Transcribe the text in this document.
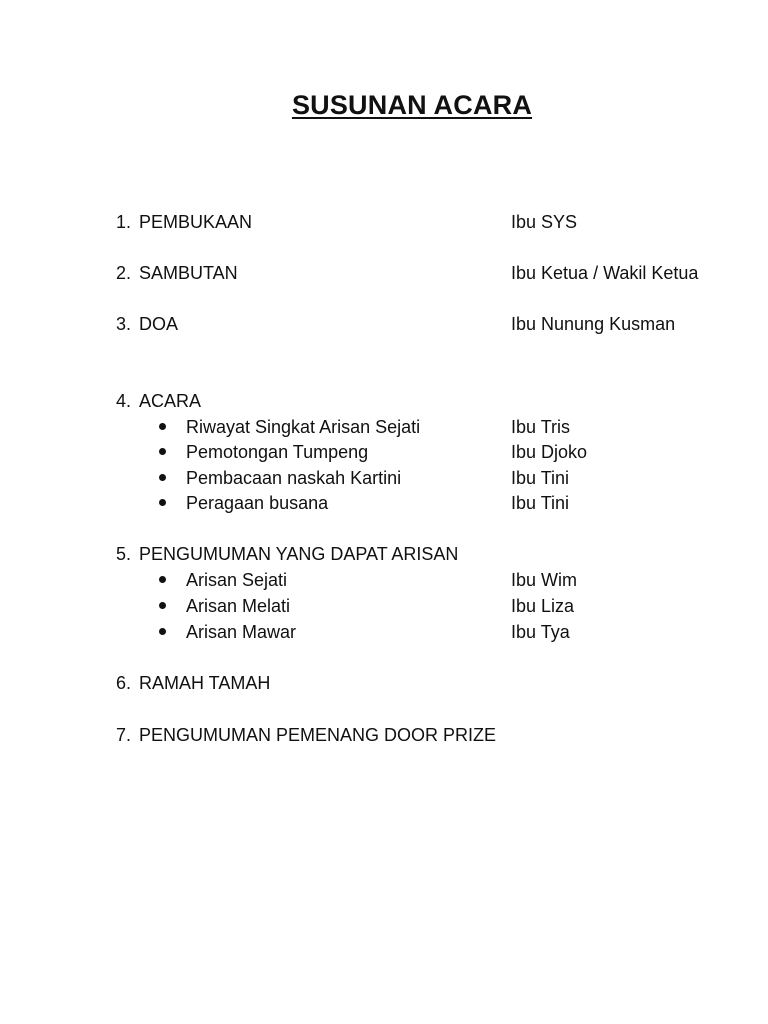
SUSUNAN ACARA
1. PEMBUKAAN	Ibu SYS
2. SAMBUTAN	Ibu Ketua / Wakil Ketua
3. DOA	Ibu Nunung Kusman
4. ACARA
Riwayat Singkat Arisan Sejati	Ibu Tris
Pemotongan Tumpeng	Ibu Djoko
Pembacaan naskah Kartini	Ibu Tini
Peragaan busana	Ibu Tini
5. PENGUMUMAN YANG DAPAT ARISAN
Arisan Sejati	Ibu Wim
Arisan Melati	Ibu Liza
Arisan Mawar	Ibu Tya
6. RAMAH TAMAH
7. PENGUMUMAN PEMENANG DOOR PRIZE
